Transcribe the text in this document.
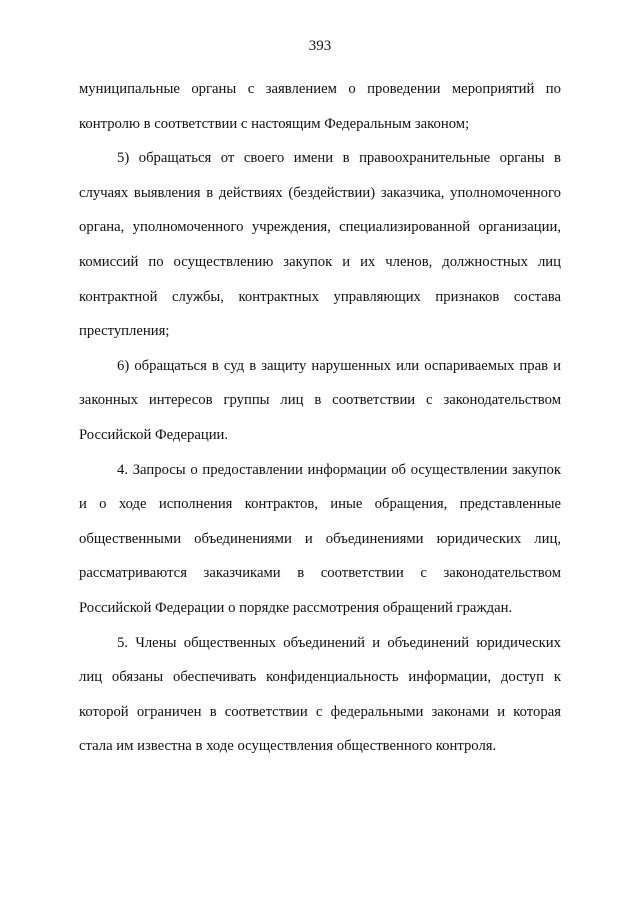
393
муниципальные органы с заявлением о проведении мероприятий по
контролю в соответствии с настоящим Федеральным законом;
5) обращаться от своего имени в правоохранительные органы в
случаях выявления в действиях (бездействии) заказчика, уполномоченного
органа, уполномоченного учреждения, специализированной организации,
комиссий по осуществлению закупок и их членов, должностных лиц
контрактной службы, контрактных управляющих признаков состава
преступления;
6) обращаться в суд в защиту нарушенных или оспариваемых прав и
законных интересов группы лиц в соответствии с законодательством
Российской Федерации.
4. Запросы о предоставлении информации об осуществлении закупок
и о ходе исполнения контрактов, иные обращения, представленные
общественными объединениями и объединениями юридических лиц,
рассматриваются заказчиками в соответствии с законодательством
Российской Федерации о порядке рассмотрения обращений граждан.
5. Члены общественных объединений и объединений юридических
лиц обязаны обеспечивать конфиденциальность информации, доступ к
которой ограничен в соответствии с федеральными законами и которая
стала им известна в ходе осуществления общественного контроля.
